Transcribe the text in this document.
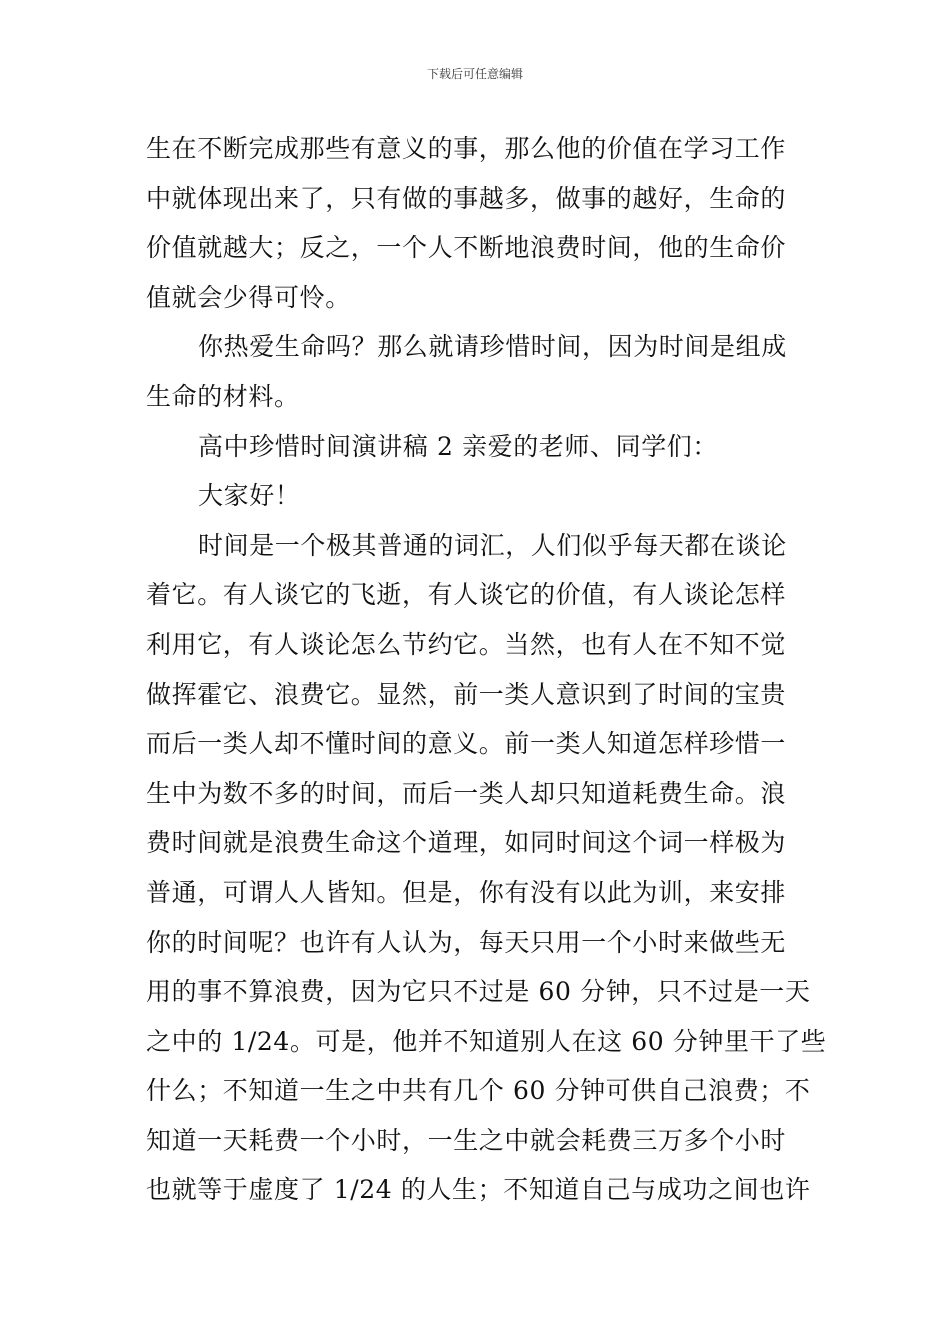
下载后可任意编辑
生在不断完成那些有意义的事，那么他的价值在学习工作
中就体现出来了，只有做的事越多，做事的越好，生命的
价值就越大；反之，一个人不断地浪费时间，他的生命价
值就会少得可怜。
你热爱生命吗？那么就请珍惜时间，因为时间是组成
生命的材料。
高中珍惜时间演讲稿 2 亲爱的老师、同学们：
大家好！
时间是一个极其普通的词汇，人们似乎每天都在谈论
着它。有人谈它的飞逝，有人谈它的价值，有人谈论怎样
利用它，有人谈论怎么节约它。当然，也有人在不知不觉
做挥霍它、浪费它。显然，前一类人意识到了时间的宝贵
而后一类人却不懂时间的意义。前一类人知道怎样珍惜一
生中为数不多的时间，而后一类人却只知道耗费生命。浪
费时间就是浪费生命这个道理，如同时间这个词一样极为
普通，可谓人人皆知。但是，你有没有以此为训，来安排
你的时间呢？也许有人认为，每天只用一个小时来做些无
用的事不算浪费，因为它只不过是 60 分钟，只不过是一天
之中的 1/24。可是，他并不知道别人在这 60 分钟里干了些
什么；不知道一生之中共有几个 60 分钟可供自己浪费；不
知道一天耗费一个小时，一生之中就会耗费三万多个小时
也就等于虚度了 1/24 的人生；不知道自己与成功之间也许
